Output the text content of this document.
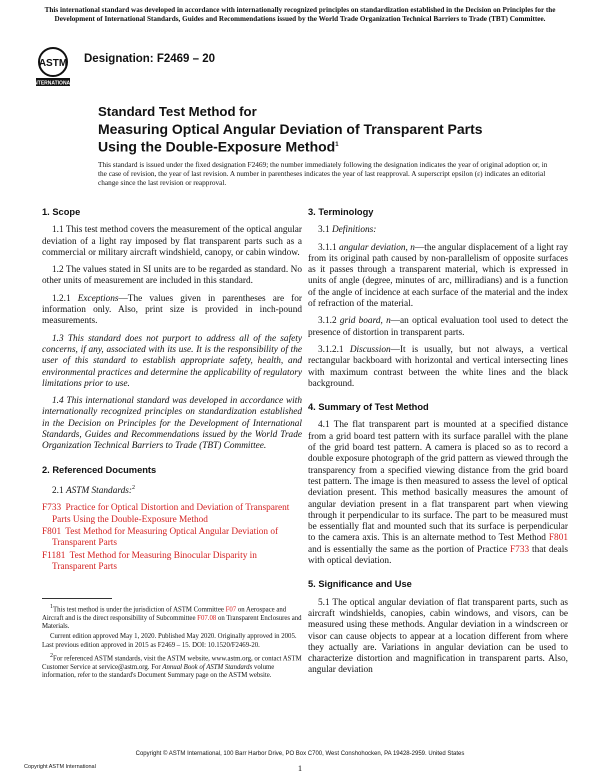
This international standard was developed in accordance with internationally recognized principles on standardization established in the Decision on Principles for the Development of International Standards, Guides and Recommendations issued by the World Trade Organization Technical Barriers to Trade (TBT) Committee.
ASTM
INTERNATIONAL
Designation: F2469 – 20
Standard Test Method for
Measuring Optical Angular Deviation of Transparent Parts
Using the Double-Exposure Method$^1$
This standard is issued under the fixed designation F2469; the number immediately following the designation indicates the year of original adoption or, in the case of revision, the year of last revision. A number in parentheses indicates the year of last reapproval. A superscript epsilon (ε) indicates an editorial change since the last revision or reapproval.
1. Scope

1.1 This test method covers the measurement of the optical angular deviation of a light ray imposed by flat transparent parts such as a commercial or military aircraft windshield, canopy, or cabin window.

1.2 The values stated in SI units are to be regarded as standard. No other units of measurement are included in this standard.

1.2.1 Exceptions—The values given in parentheses are for information only. Also, print size is provided in inch-pound measurements.

1.3 This standard does not purport to address all of the safety concerns, if any, associated with its use. It is the responsibility of the user of this standard to establish appropriate safety, health, and environmental practices and determine the applicability of regulatory limitations prior to use.

1.4 This international standard was developed in accordance with internationally recognized principles on standardization established in the Decision on Principles for the Development of International Standards, Guides and Recommendations issued by the World Trade Organization Technical Barriers to Trade (TBT) Committee.

2. Referenced Documents

2.1 ASTM Standards:$^2$

F733 Practice for Optical Distortion and Deviation of Transparent Parts Using the Double-Exposure Method
F801 Test Method for Measuring Optical Angular Deviation of Transparent Parts
F1181 Test Method for Measuring Binocular Disparity in Transparent Parts

$^1$This test method is under the jurisdiction of ASTM Committee F07 on Aerospace and Aircraft and is the direct responsibility of Subcommittee F07.08 on Transparent Enclosures and Materials.

Current edition approved May 1, 2020. Published May 2020. Originally approved in 2005. Last previous edition approved in 2015 as F2469 – 15. DOI: 10.1520/F2469-20.

$^2$For referenced ASTM standards, visit the ASTM website, www.astm.org, or contact ASTM Customer Service at service@astm.org. For Annual Book of ASTM Standards volume information, refer to the standard's Document Summary page on the ASTM website.

3. Terminology

3.1 Definitions:

3.1.1 angular deviation, n—the angular displacement of a light ray from its original path caused by non-parallelism of opposite surfaces as it passes through a transparent material, which is expressed in units of angle (degree, minutes of arc, milliradians) and is a function of the angle of incidence at each surface of the material and the index of refraction of the material.

3.1.2 grid board, n—an optical evaluation tool used to detect the presence of distortion in transparent parts.

3.1.2.1 Discussion—It is usually, but not always, a vertical rectangular backboard with horizontal and vertical intersecting lines with maximum contrast between the white lines and the black background.

4. Summary of Test Method

4.1 The flat transparent part is mounted at a specified distance from a grid board test pattern with its surface parallel with the plane of the grid board test pattern. A camera is placed so as to record a double exposure photograph of the grid pattern as viewed through the transparency from a specified viewing distance from the grid board test pattern. The image is then measured to assess the level of optical deviation present. This method basically measures the amount of angular deviation present in a flat transparent part when viewing through it perpendicular to its surface. The part to be measured must be essentially flat and mounted such that its surface is perpendicular to the camera axis. This is an alternate method to Test Method F801 and is essentially the same as the portion of Practice F733 that deals with optical deviation.

5. Significance and Use

5.1 The optical angular deviation of flat transparent parts, such as aircraft windshields, canopies, cabin windows, and visors, can be measured using these methods. Angular deviation in a windscreen or visor can cause objects to appear at a location different from where they actually are. Variations in angular deviation can be used to characterize distortion and magnification in transparent parts. Also, angular deviation

Copyright © ASTM International, 100 Barr Harbor Drive, PO Box C700, West Conshohocken, PA 19428-2959. United States
Copyright ASTM International	1
